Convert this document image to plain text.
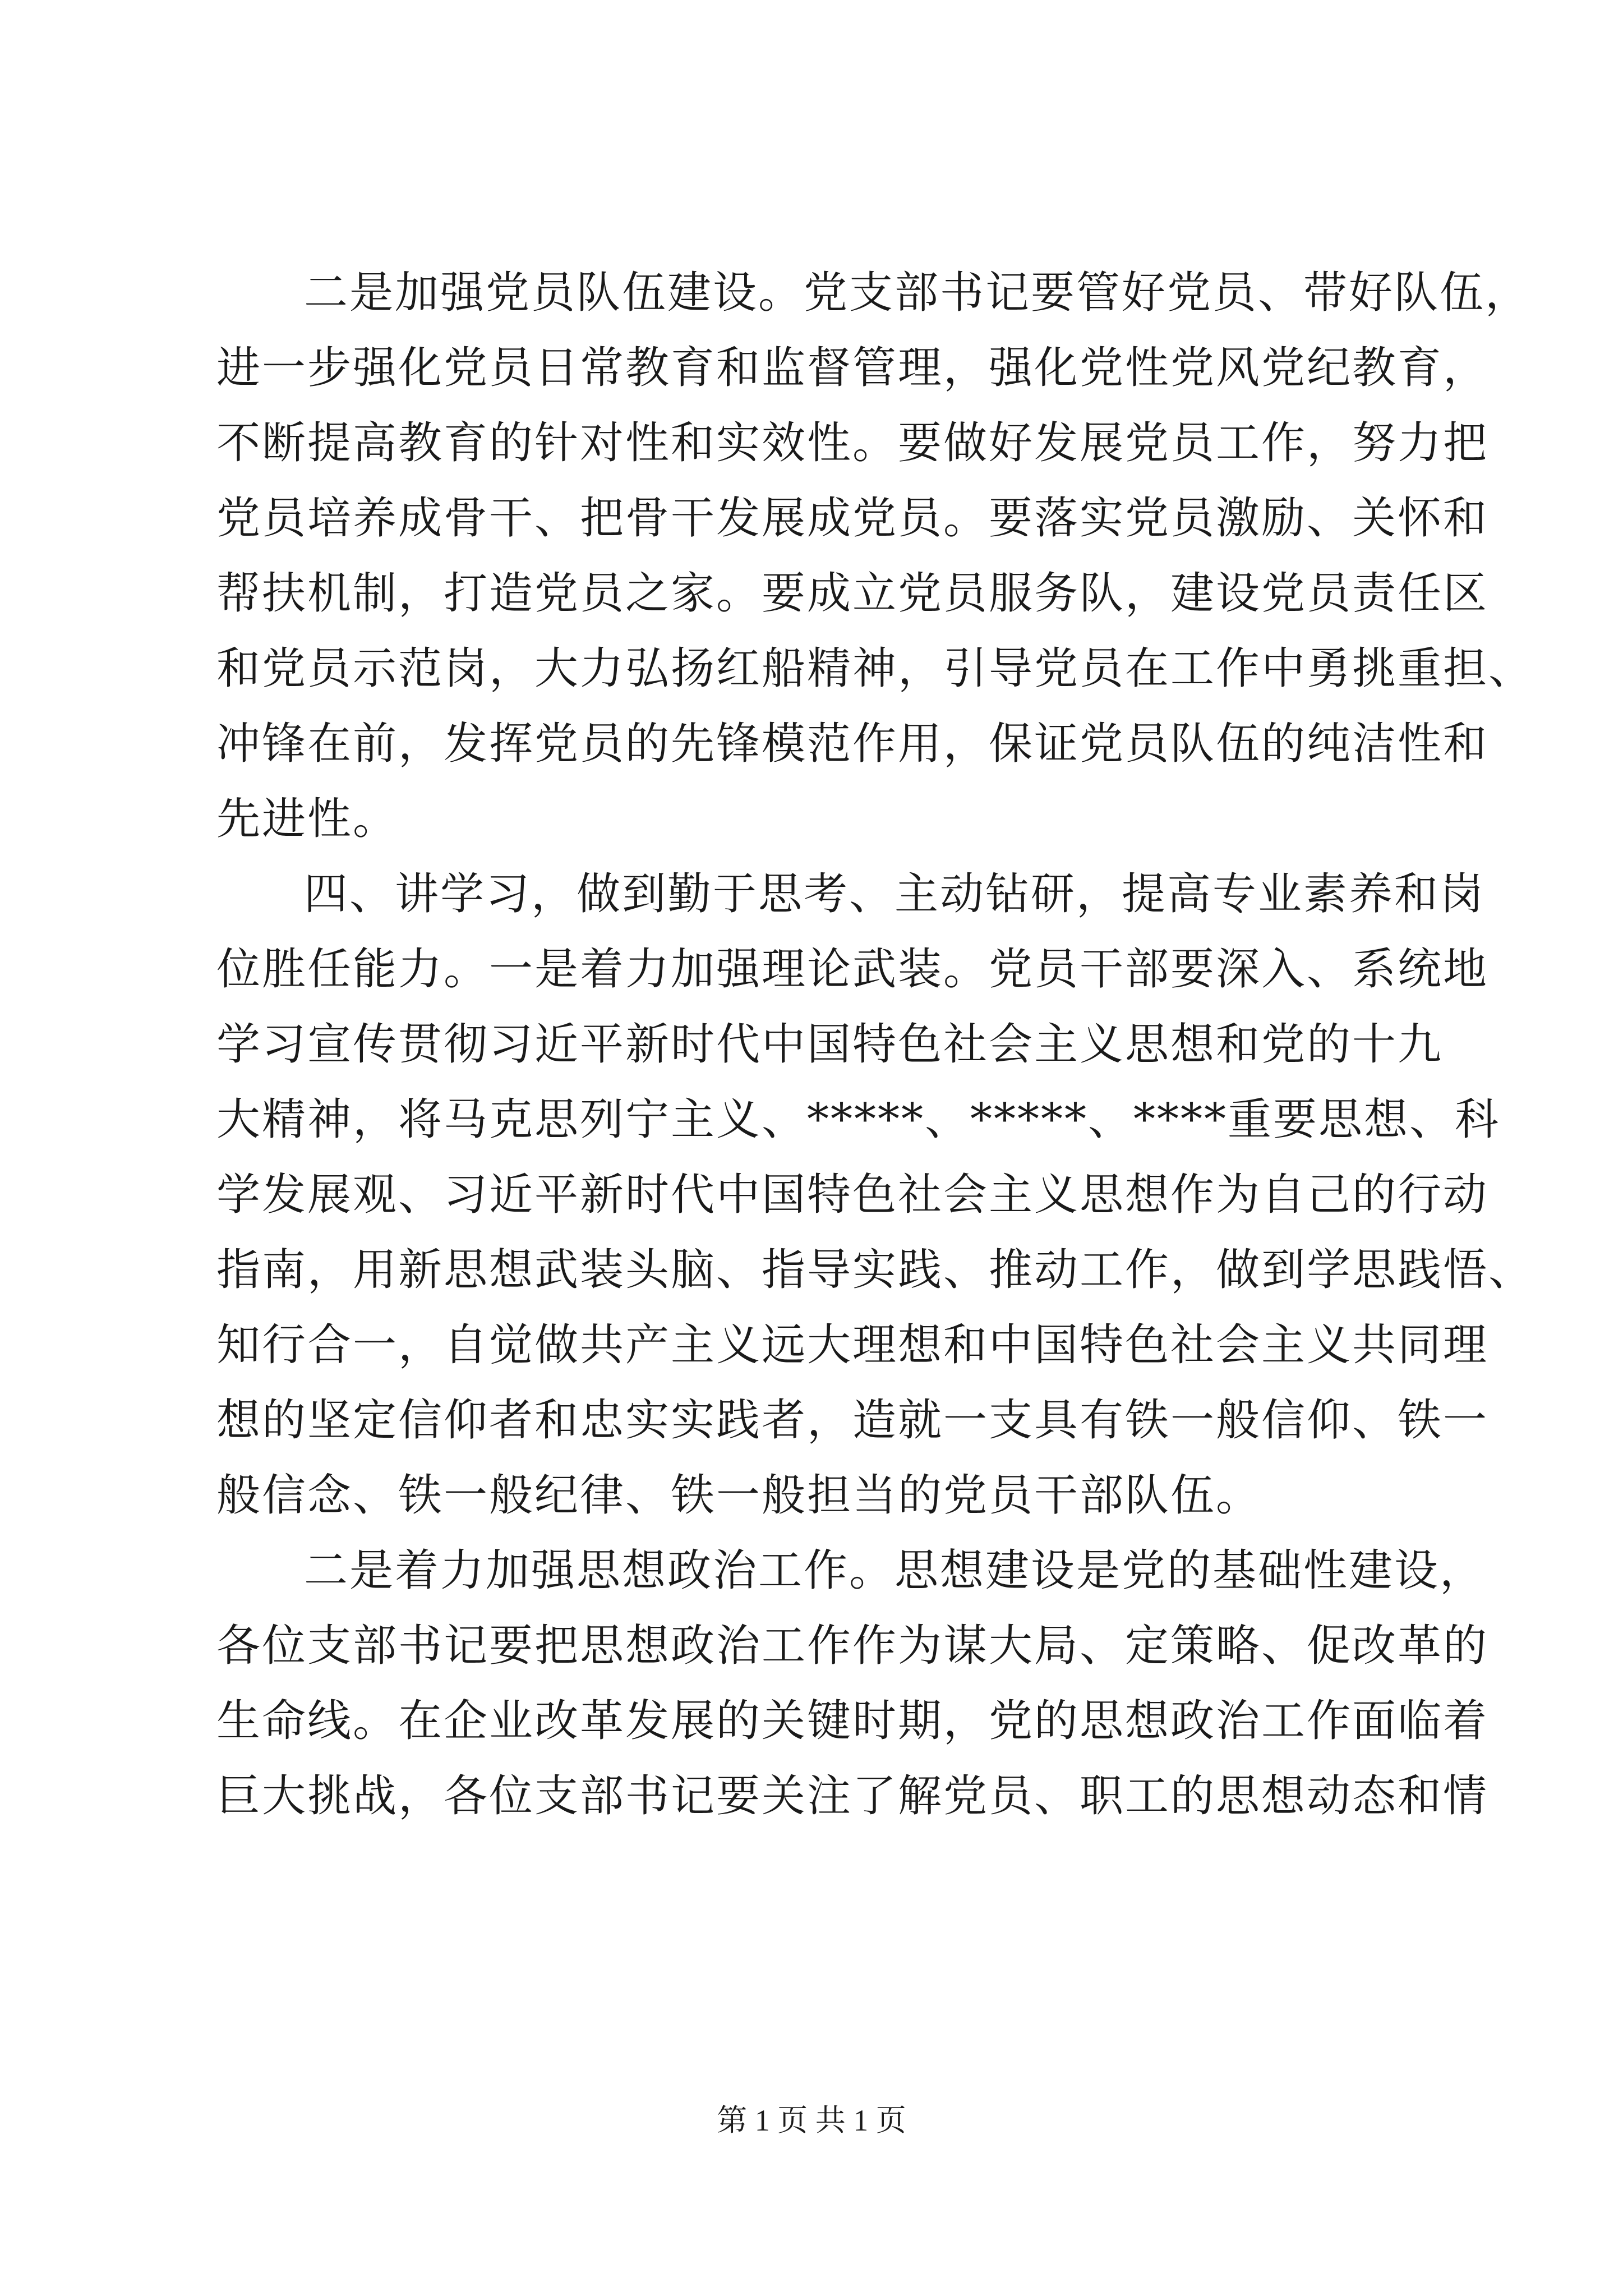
二是加强党员队伍建设。党支部书记要管好党员、带好队伍，
进一步强化党员日常教育和监督管理，强化党性党风党纪教育，
不断提高教育的针对性和实效性。要做好发展党员工作，努力把
党员培养成骨干、把骨干发展成党员。要落实党员激励、关怀和
帮扶机制，打造党员之家。要成立党员服务队，建设党员责任区
和党员示范岗，大力弘扬红船精神，引导党员在工作中勇挑重担、
冲锋在前，发挥党员的先锋模范作用，保证党员队伍的纯洁性和
先进性。
四、讲学习，做到勤于思考、主动钻研，提高专业素养和岗
位胜任能力。一是着力加强理论武装。党员干部要深入、系统地
学习宣传贯彻习近平新时代中国特色社会主义思想和党的十九
大精神，将马克思列宁主义、*****、*****、****重要思想、科
学发展观、习近平新时代中国特色社会主义思想作为自己的行动
指南，用新思想武装头脑、指导实践、推动工作，做到学思践悟、
知行合一，自觉做共产主义远大理想和中国特色社会主义共同理
想的坚定信仰者和忠实实践者，造就一支具有铁一般信仰、铁一
般信念、铁一般纪律、铁一般担当的党员干部队伍。
二是着力加强思想政治工作。思想建设是党的基础性建设，
各位支部书记要把思想政治工作作为谋大局、定策略、促改革的
生命线。在企业改革发展的关键时期，党的思想政治工作面临着
巨大挑战，各位支部书记要关注了解党员、职工的思想动态和情
第 1 页 共 1 页
